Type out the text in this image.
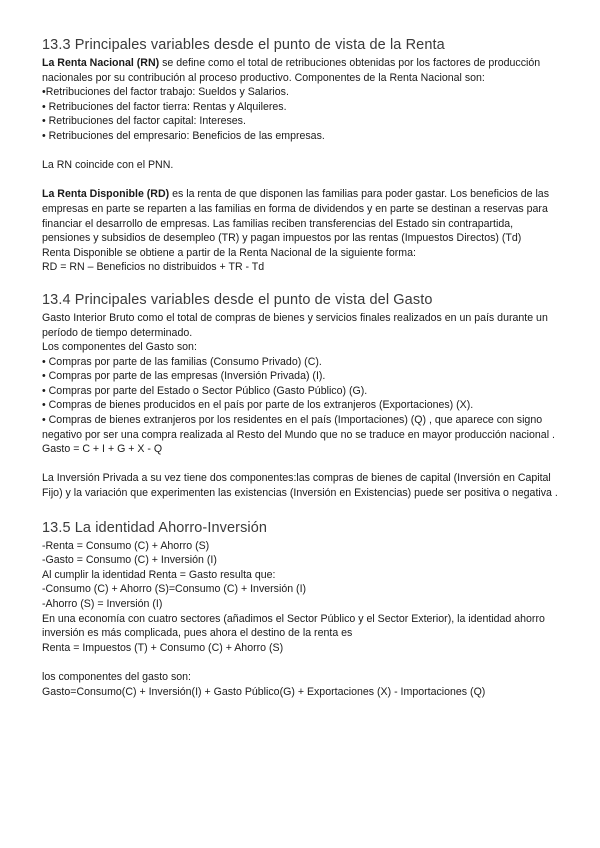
13.3 Principales variables desde el punto de vista de la Renta

La Renta Nacional (RN) se define como el total de retribuciones obtenidas por los factores de producción nacionales por su contribución al proceso productivo. Componentes de la Renta Nacional son:

•Retribuciones del factor trabajo: Sueldos y Salarios.

• Retribuciones del factor tierra: Rentas y Alquileres.

• Retribuciones del factor capital: Intereses.

• Retribuciones del empresario: Beneficios de las empresas.

La RN coincide con el PNN.

La Renta Disponible (RD) es la renta de que disponen las familias para poder gastar. Los beneficios de las empresas en parte se reparten a las familias en forma de dividendos y en parte se destinan a reservas para financiar el desarrollo de empresas. Las familias reciben transferencias del Estado sin contrapartida, pensiones y subsidios de desempleo (TR) y pagan impuestos por las rentas (Impuestos Directos) (Td)

Renta Disponible se obtiene a partir de la Renta Nacional de la siguiente forma:

RD = RN – Beneficios no distribuidos + TR - Td

13.4 Principales variables desde el punto de vista del Gasto

Gasto Interior Bruto como el total de compras de bienes y servicios finales realizados en un país durante un período de tiempo determinado.

Los componentes del Gasto son:

• Compras por parte de las familias (Consumo Privado) (C).

• Compras por parte de las empresas (Inversión Privada) (I).

• Compras por parte del Estado o Sector Público (Gasto Público) (G).

• Compras de bienes producidos en el país por parte de los extranjeros (Exportaciones) (X).

• Compras de bienes extranjeros por los residentes en el país (Importaciones) (Q) , que aparece con signo negativo por ser una compra realizada al Resto del Mundo que no se traduce en mayor producción nacional .

Gasto = C + I + G + X - Q

La Inversión Privada a su vez tiene dos componentes:las compras de bienes de capital (Inversión en Capital Fijo) y la variación que experimenten las existencias (Inversión en Existencias) puede ser positiva o negativa .

13.5 La identidad Ahorro-Inversión

-Renta = Consumo (C) + Ahorro (S)

-Gasto = Consumo (C) + Inversión (I)

Al cumplir la identidad Renta = Gasto resulta que:

-Consumo (C) + Ahorro (S)=Consumo (C) + Inversión (I)

-Ahorro (S) = Inversión (I)

En una economía con cuatro sectores (añadimos el Sector Público y el Sector Exterior), la identidad ahorro inversión es más complicada, pues ahora el destino de la renta es

Renta = Impuestos (T) + Consumo (C) + Ahorro (S)

los componentes del gasto son:

Gasto=Consumo(C) + Inversión(I) + Gasto Público(G) + Exportaciones (X) - Importaciones (Q)
